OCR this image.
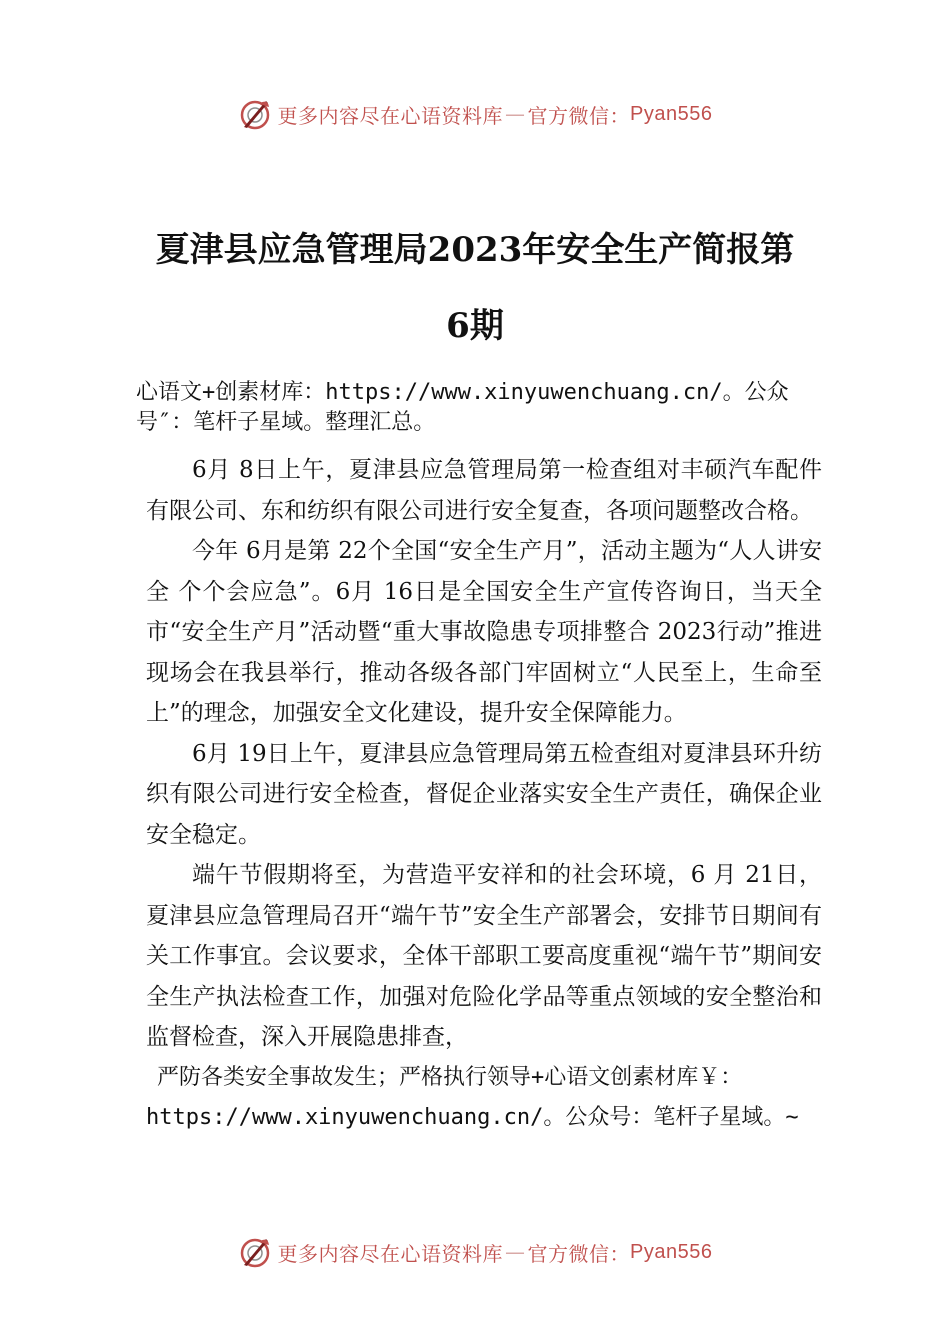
更多内容尽在心语资料库 — 官方微信： Pyan556
夏津县应急管理局2023年安全生产简报第
6期
心语文+创素材库：https://www.xinyuwenchuang.cn/。公众号″：笔杆子星域。整理汇总。

6月 8日上午，夏津县应急管理局第一检查组对丰硕汽车配件有限公司、东和纺织有限公司进行安全复查，各项问题整改合格。

今年 6月是第 22个全国“安全生产月”，活动主题为“人人讲安全 个个会应急”。6月 16日是全国安全生产宣传咨询日，当天全市“安全生产月”活动暨“重大事故隐患专项排整合 2023行动”推进现场会在我县举行，推动各级各部门牢固树立“人民至上，生命至上”的理念，加强安全文化建设，提升安全保障能力。

6月 19日上午，夏津县应急管理局第五检查组对夏津县环升纺织有限公司进行安全检查，督促企业落实安全生产责任，确保企业安全稳定。

端午节假期将至，为营造平安祥和的社会环境，6 月 21日，夏津县应急管理局召开“端午节”安全生产部署会，安排节日期间有关工作事宜。会议要求，全体干部职工要高度重视“端午节”期间安全生产执法检查工作，加强对危险化学品等重点领域的安全整治和监督检查，深入开展隐患排查，

严防各类安全事故发生；严格执行领导+心语文创素材库￥：

https://www.xinyuwenchuang.cn/。公众号：笔杆子星域。~

更多内容尽在心语资料库 — 官方微信： Pyan556
